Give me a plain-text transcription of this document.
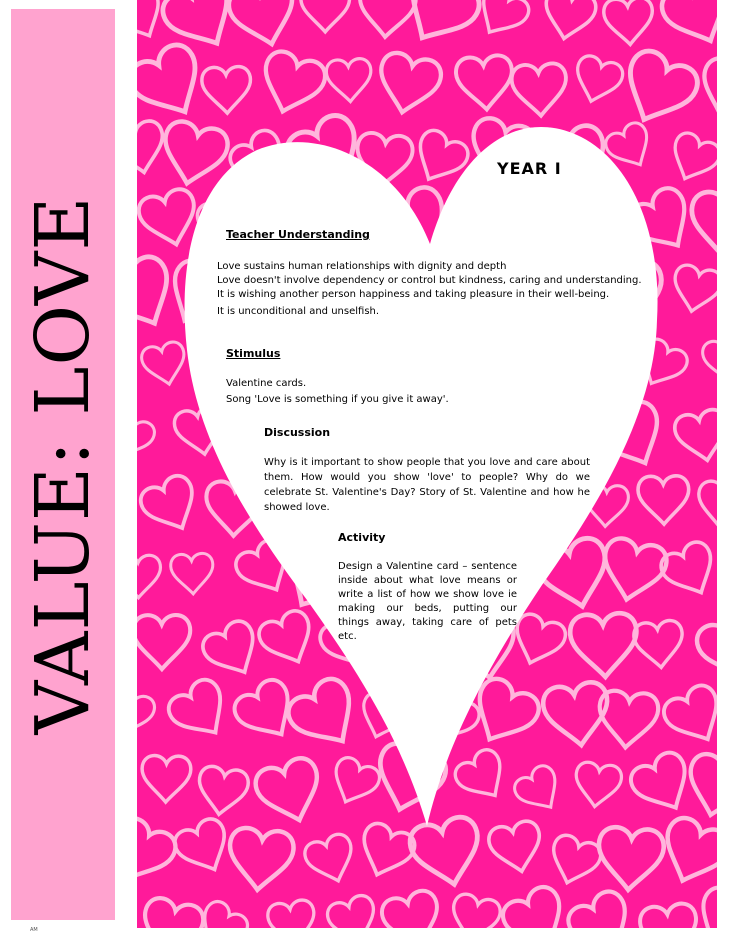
VALUE: LOVE
AM
YEAR I
Teacher Understanding
Love sustains human relationships with dignity and depth
Love doesn't involve dependency or control but kindness, caring and understanding.
It is wishing another person happiness and taking pleasure in their well-being.
It is unconditional and unselfish.
Stimulus
Valentine cards.
Song 'Love is something if you give it away'.
Discussion
Why is it important to show people that you love and care about them. How would you show 'love' to people? Why do we celebrate St. Valentine's Day? Story of St. Valentine and how he showed love.
Activity
Design a Valentine card – sentence inside about what love means or write a list of how we show love ie making our beds, putting our things away, taking care of pets etc.
